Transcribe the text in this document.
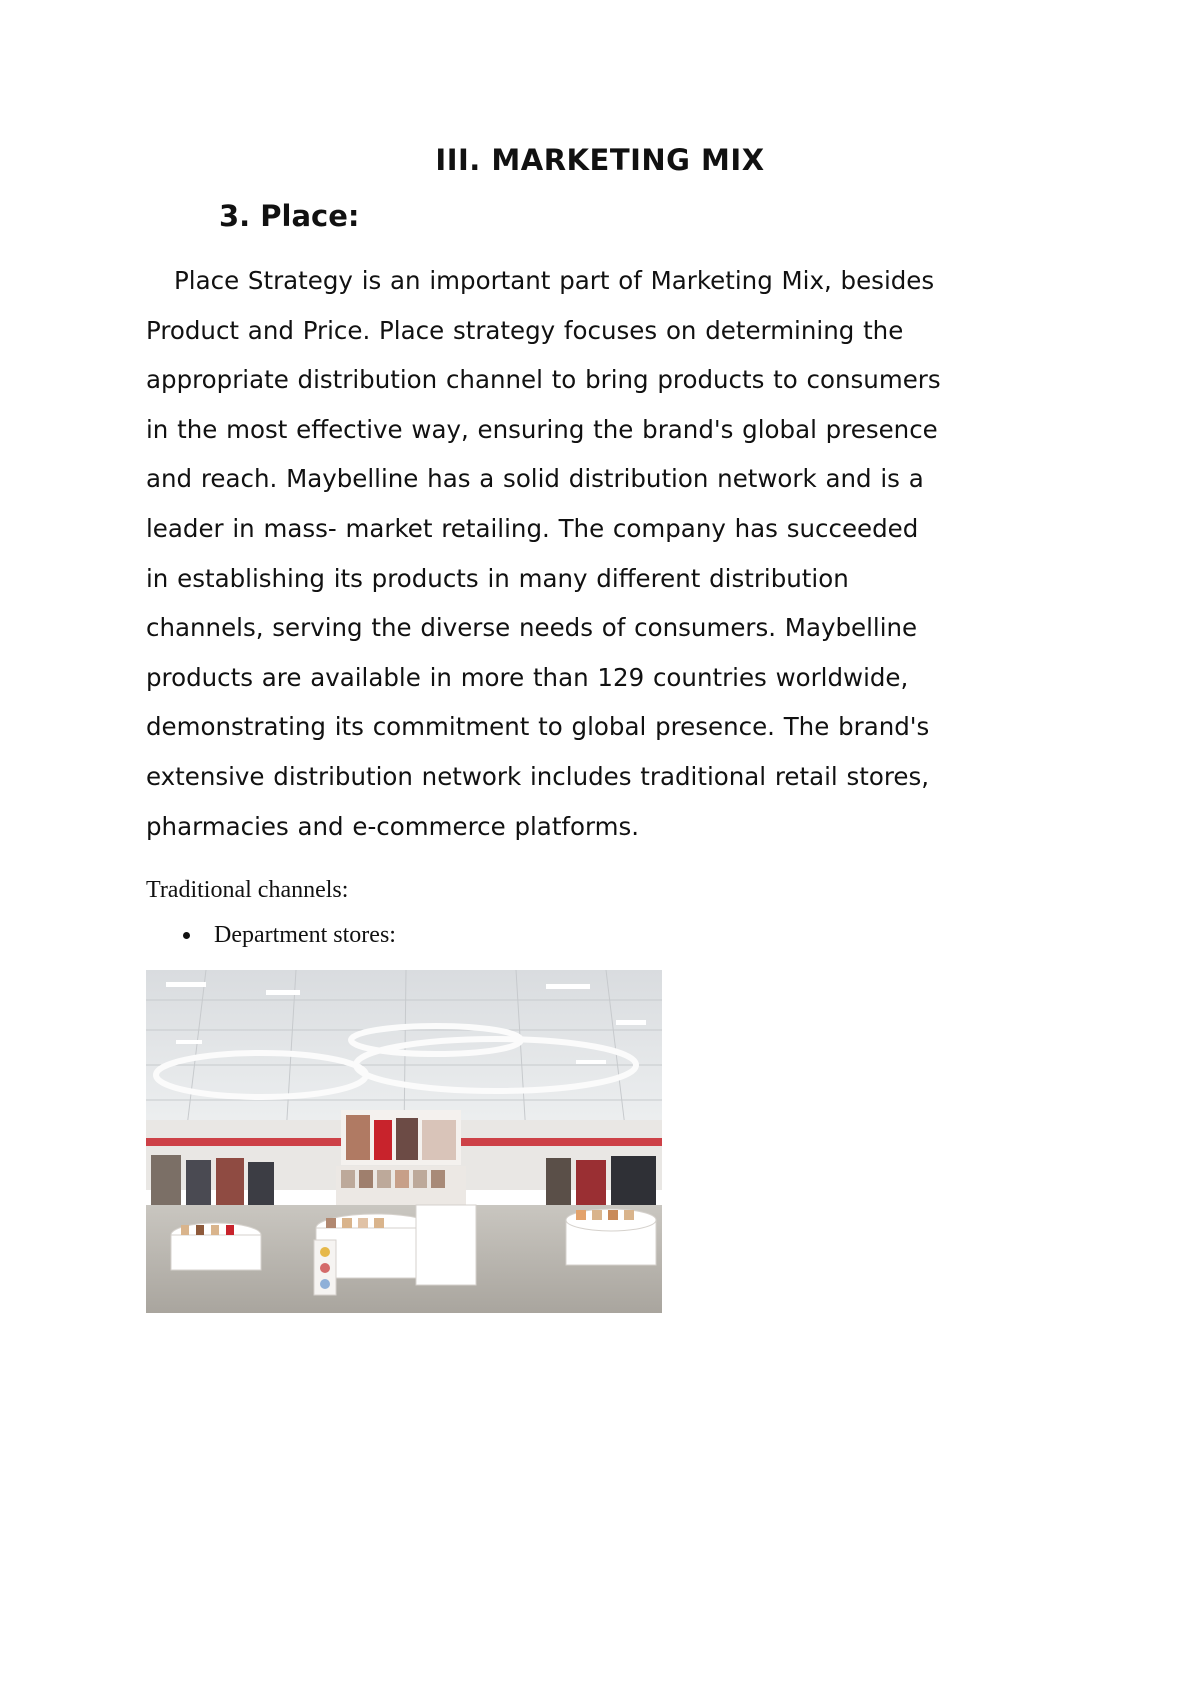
III. MARKETING MIX
3. Place:
Place Strategy is an important part of Marketing Mix, besides
Product and Price. Place strategy focuses on determining the
appropriate distribution channel to bring products to consumers
in the most effective way, ensuring the brand's global presence
and reach. Maybelline has a solid distribution network and is a
leader in mass- market retailing. The company has succeeded
in establishing its products in many different distribution
channels, serving the diverse needs of consumers. Maybelline
products are available in more than 129 countries worldwide,
demonstrating its commitment to global presence. The brand's
extensive distribution network includes traditional retail stores,
pharmacies and e-commerce platforms.
Traditional channels:
Department stores:
